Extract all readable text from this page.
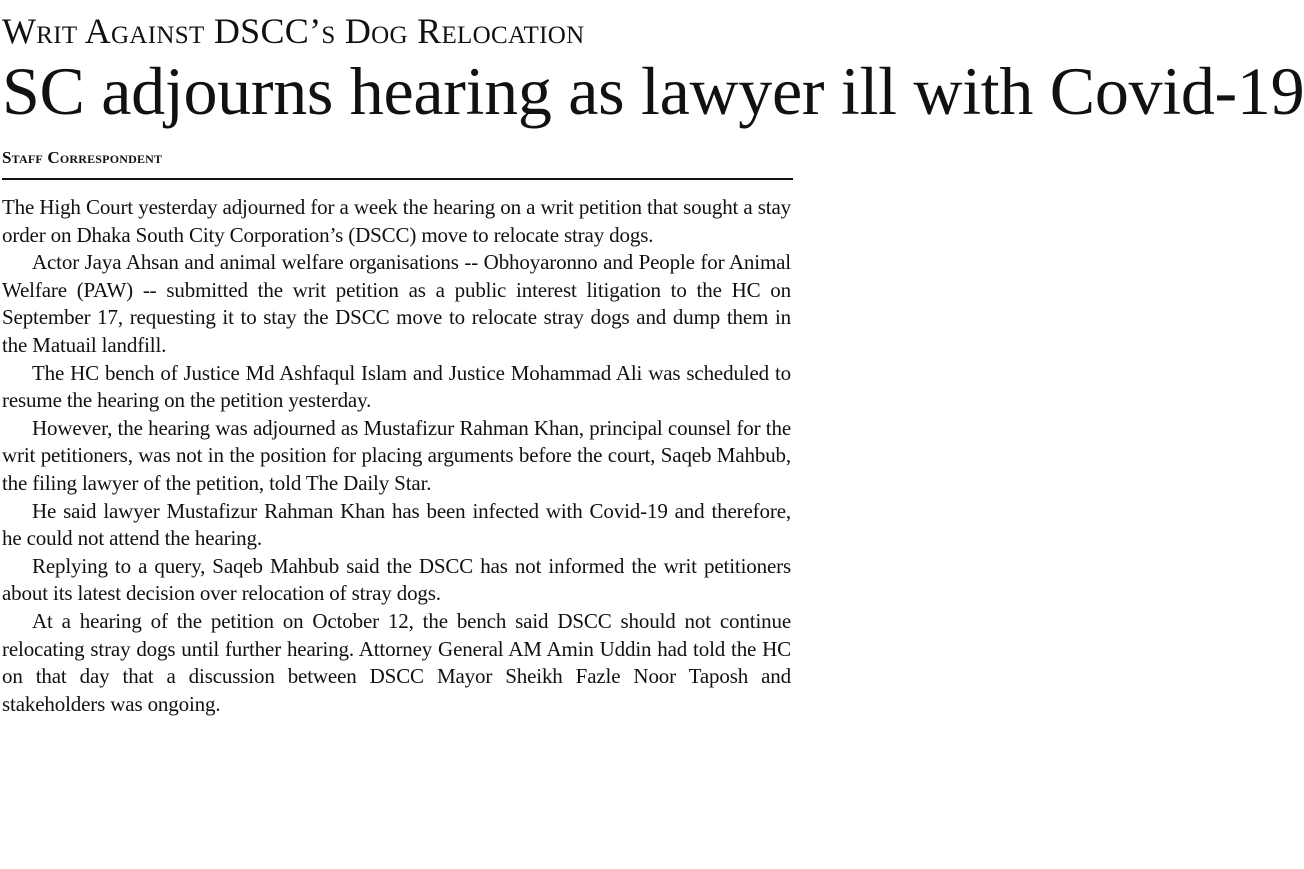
Writ Against DSCC’s Dog Relocation
SC adjourns hearing as lawyer ill with Covid-19
Staff Correspondent

The High Court yesterday adjourned for a week the hearing on a writ petition that sought a stay order on Dhaka South City Corporation’s (DSCC) move to relocate stray dogs.

Actor Jaya Ahsan and animal welfare organisations -- Obhoyaronno and People for Animal Welfare (PAW) -- submitted the writ petition as a public interest litigation to the HC on September 17, requesting it to stay the DSCC move to relocate stray dogs and dump them in the Matuail landfill.

The HC bench of Justice Md Ashfaqul Islam and Justice Mohammad Ali was scheduled to resume the hearing on the petition yesterday.

However, the hearing was adjourned as Mustafizur Rahman Khan, principal counsel for the writ petitioners, was not in the position for placing arguments before the court, Saqeb Mahbub, the filing lawyer of the petition, told The Daily Star.

He said lawyer Mustafizur Rahman Khan has been infected with Covid-19 and therefore, he could not attend the hearing.

Replying to a query, Saqeb Mahbub said the DSCC has not informed the writ petitioners about its latest decision over relocation of stray dogs.

At a hearing of the petition on October 12, the bench said DSCC should not continue relocating stray dogs until further hearing. Attorney General AM Amin Uddin had told the HC on that day that a discussion between DSCC Mayor Sheikh Fazle Noor Taposh and stakeholders was ongoing.
